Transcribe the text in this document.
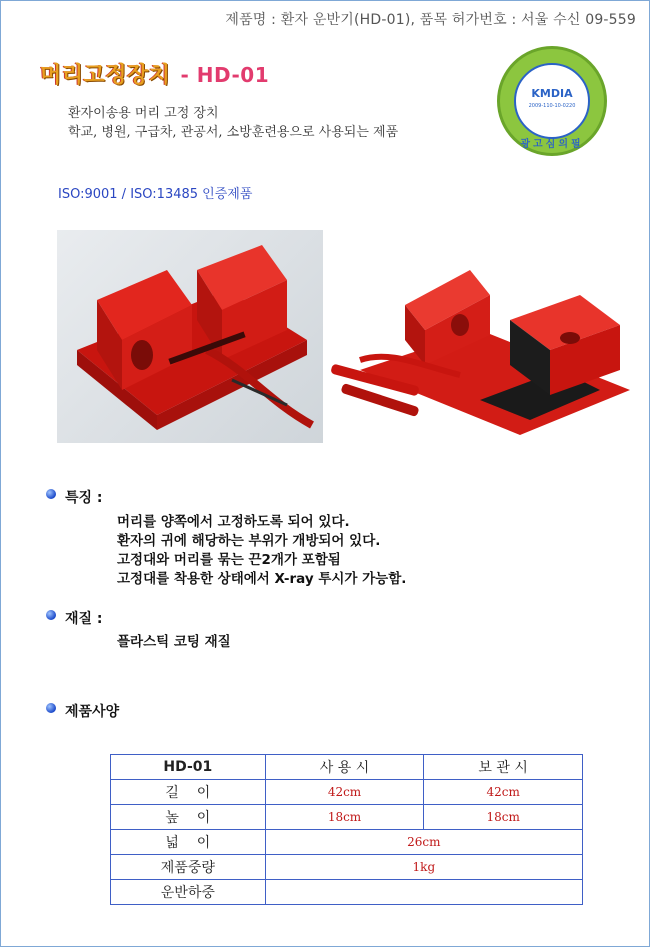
제품명 : 환자 운반기(HD-01), 품목 허가번호 : 서울 수신 09-559
머리고정장치 - HD-01
KMDIA
2009-110-10-0220
광고심의필
환자이송용 머리 고정 장치
학교, 병원, 구급차, 관공서, 소방훈련용으로 사용되는 제품
ISO:9001 / ISO:13485 인증제품
특징 :
머리를 양쪽에서 고정하도록 되어 있다.
환자의 귀에 해당하는 부위가 개방되어 있다.
고정대와 머리를 묶는 끈2개가 포함됨
고정대를 착용한 상태에서 X-ray 투시가 가능함.
재질 :
플라스틱 코팅 재질
제품사양
HD-01	사 용 시	보 관 시
길    이	42cm	42cm
높    이	18cm	18cm
넓    이	26cm	
제품중량	1kg	
운반하중		
